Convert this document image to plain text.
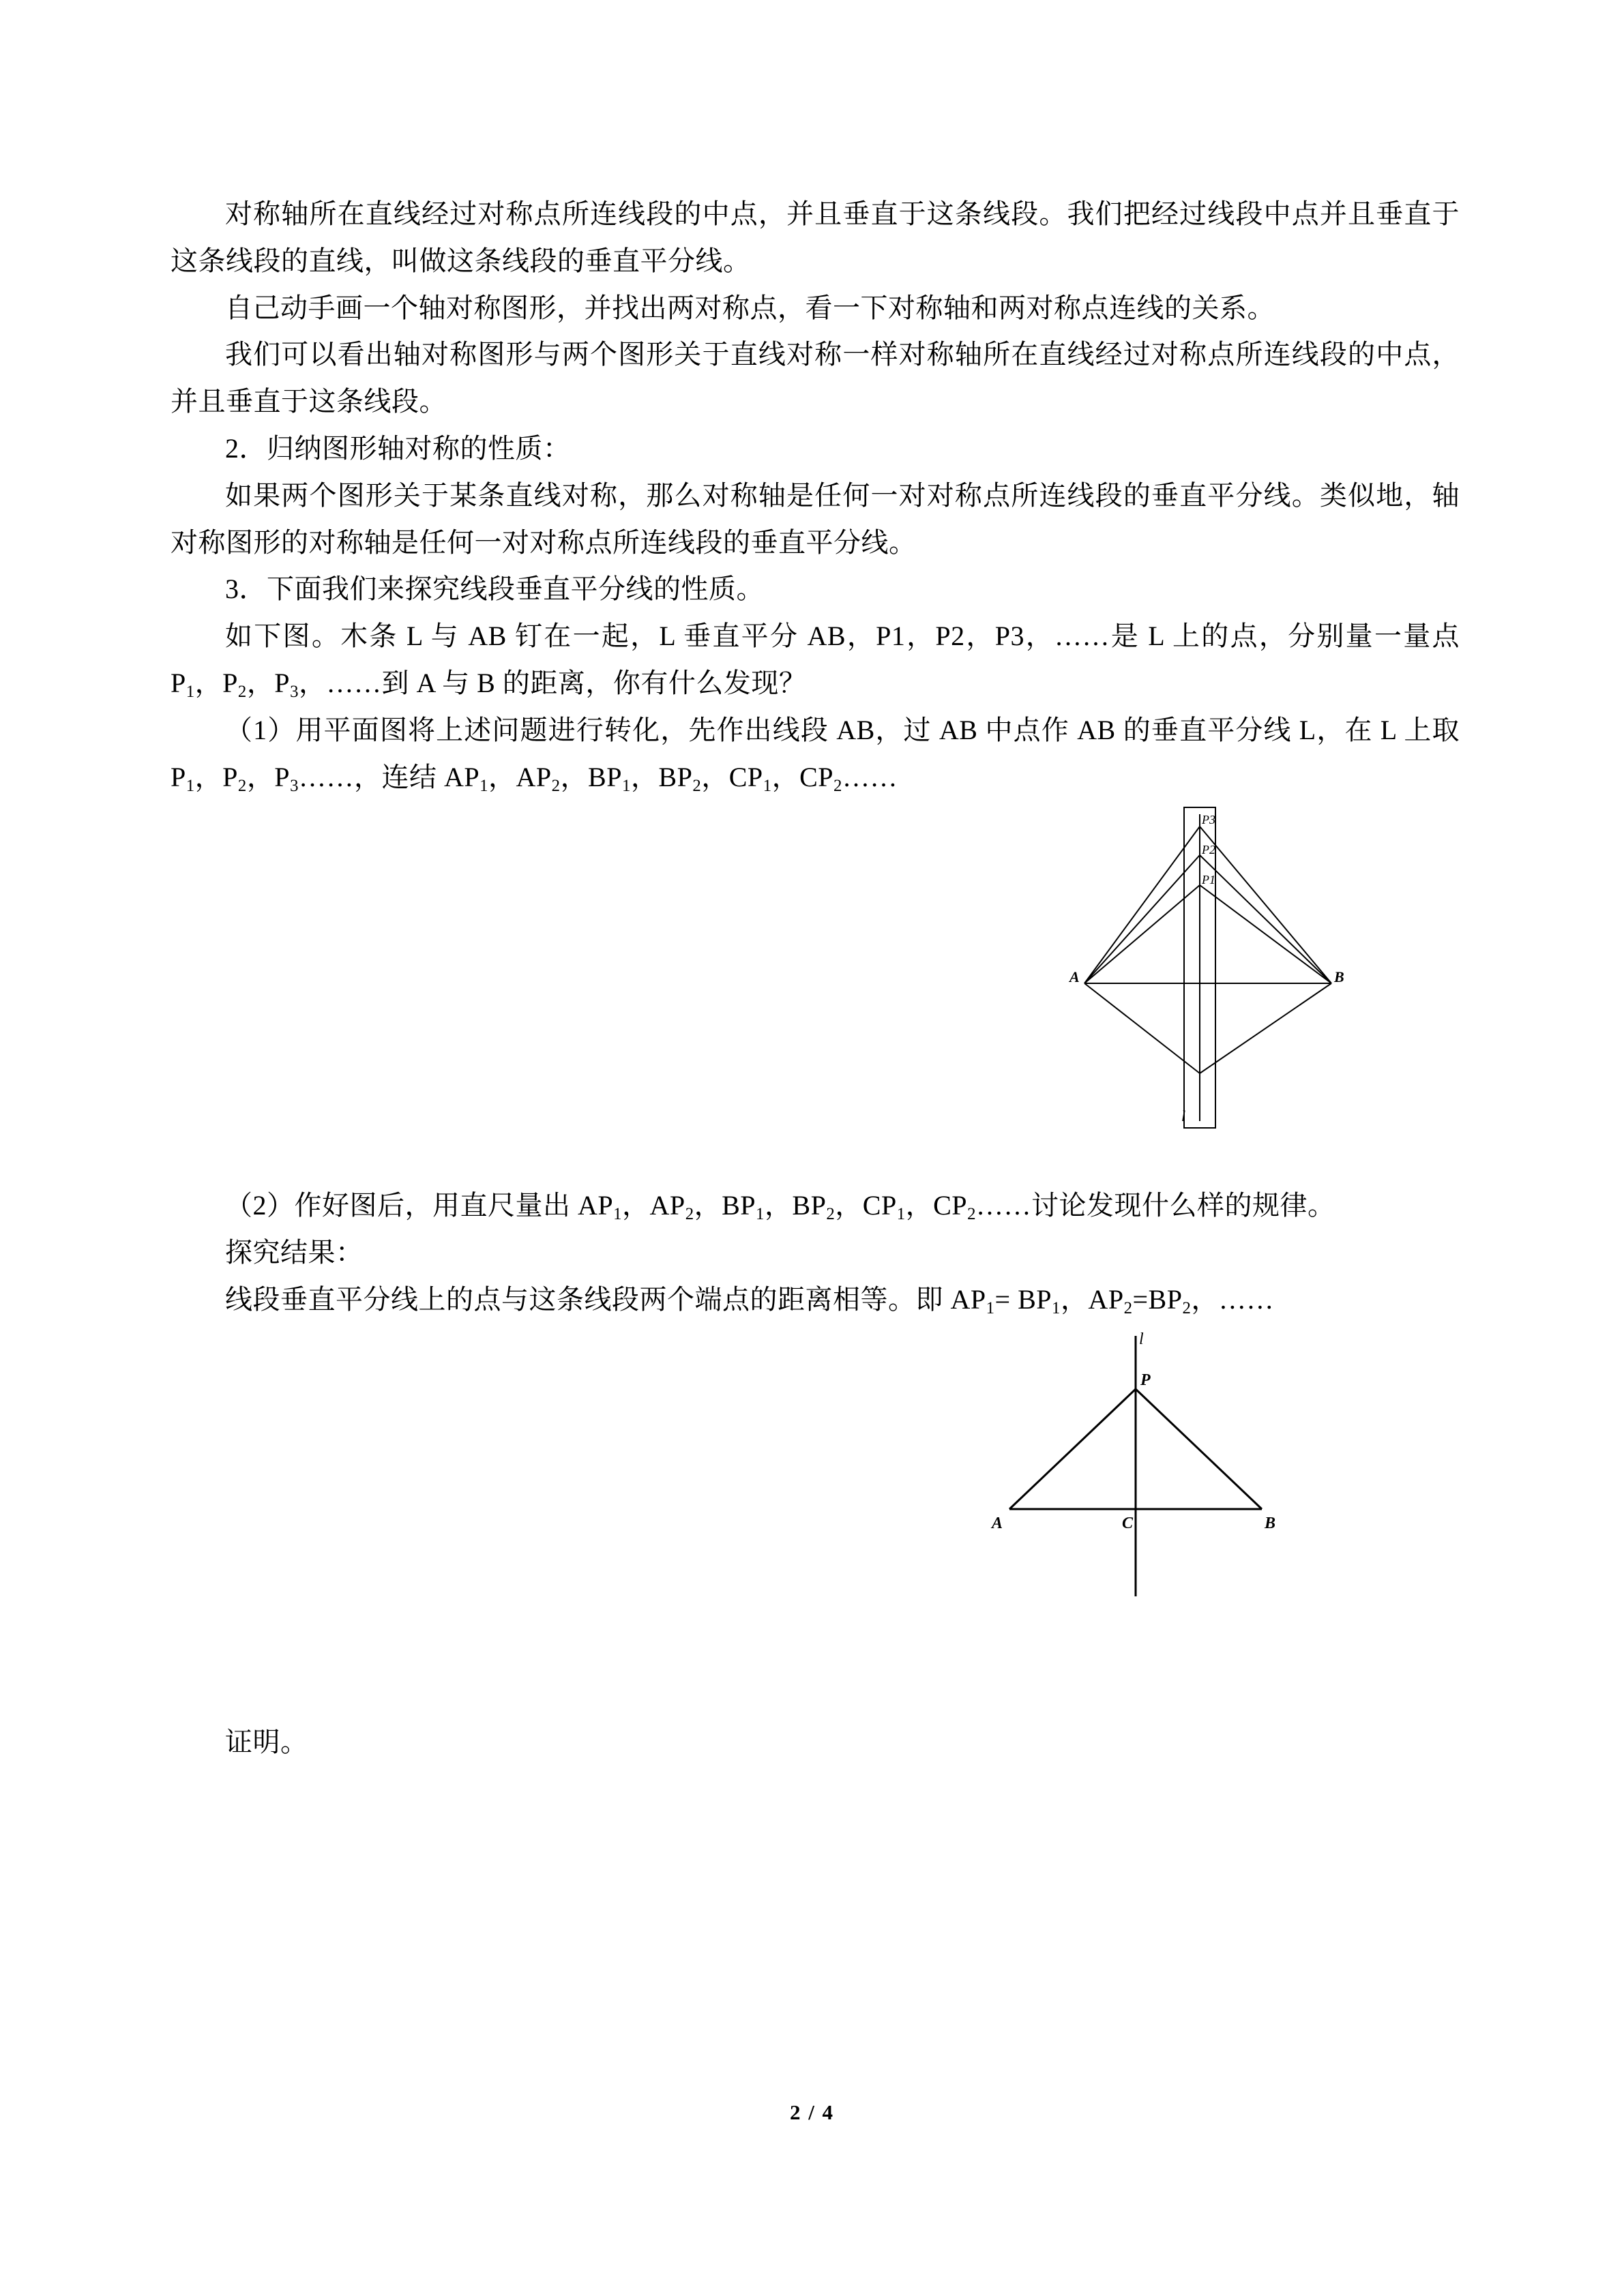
对称轴所在直线经过对称点所连线段的中点，并且垂直于这条线段。我们把经过线段中点并且垂直于这条线段的直线，叫做这条线段的垂直平分线。

自己动手画一个轴对称图形，并找出两对称点，看一下对称轴和两对称点连线的关系。

我们可以看出轴对称图形与两个图形关于直线对称一样对称轴所在直线经过对称点所连线段的中点，并且垂直于这条线段。

2．归纳图形轴对称的性质：

如果两个图形关于某条直线对称，那么对称轴是任何一对对称点所连线段的垂直平分线。类似地，轴对称图形的对称轴是任何一对对称点所连线段的垂直平分线。

3．下面我们来探究线段垂直平分线的性质。

如下图。木条 L 与 AB 钉在一起，L 垂直平分 AB，P1，P2，P3，……是 L 上的点，分别量一量点 $P_1$，$P_2$，$P_3$，……到 A 与 B 的距离，你有什么发现？

（1）用平面图将上述问题进行转化，先作出线段 AB，过 AB 中点作 AB 的垂直平分线 L，在 L 上取 $P_1$，$P_2$，$P_3\dots\dots$，连结 $AP_1$，$AP_2$，$BP_1$，$BP_2$，$CP_1$，$CP_2\dots\dots$

P3
P2
P1
A	B
l

（2）作好图后，用直尺量出 $AP_1$，$AP_2$，$BP_1$，$BP_2$，$CP_1$，$CP_2\dots\dots$讨论发现什么样的规律。

探究结果：

线段垂直平分线上的点与这条线段两个端点的距离相等。即 $AP_1= BP_1$，$AP_2=BP_2$，……

l
P
A	C	B

证明。

2 / 4
